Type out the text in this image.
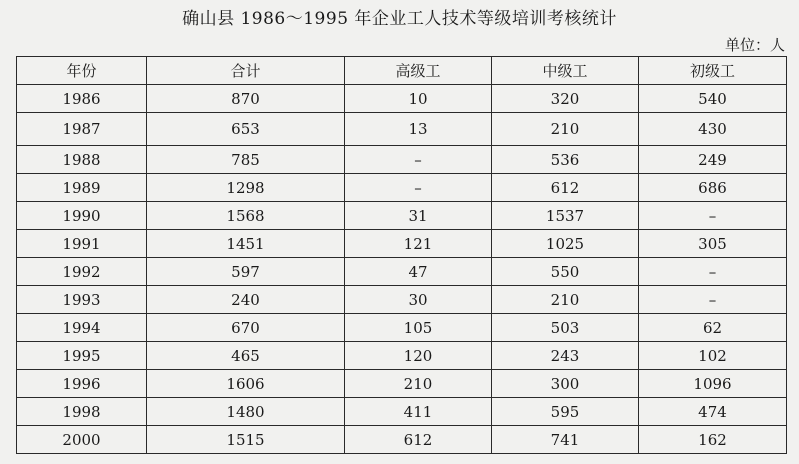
确山县 1986～1995 年企业工人技术等级培训考核统计
单位：人
年份	合计	高级工	中级工	初级工
1986	870	10	320	540
1987	653	13	210	430
1988	785	–	536	249
1989	1298	–	612	686
1990	1568	31	1537	–
1991	1451	121	1025	305
1992	597	47	550	–
1993	240	30	210	–
1994	670	105	503	62
1995	465	120	243	102
1996	1606	210	300	1096
1998	1480	411	595	474
2000	1515	612	741	162
